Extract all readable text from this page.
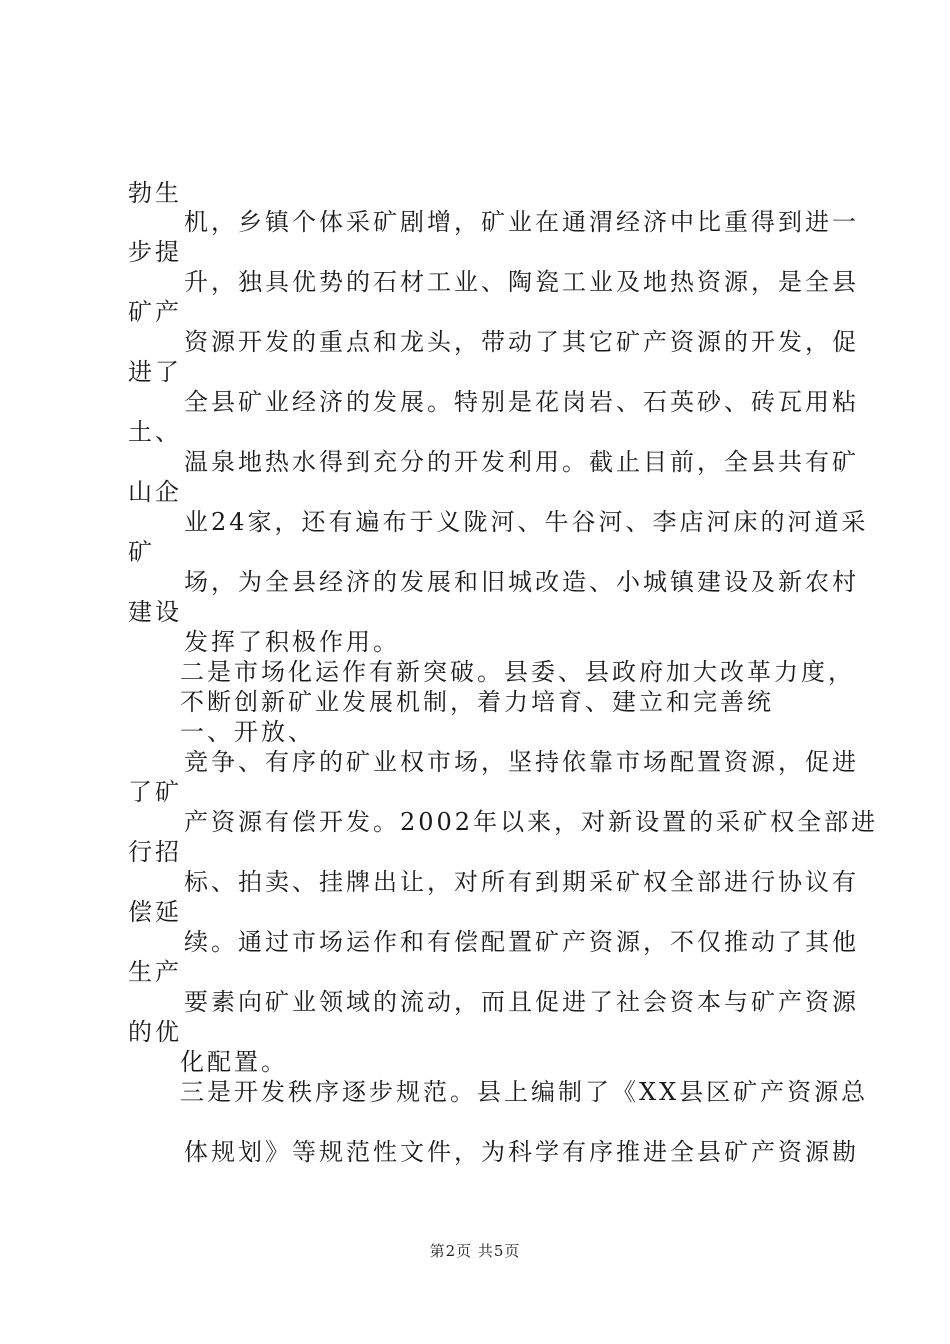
勃生
机，乡镇个体采矿剧增，矿业在通渭经济中比重得到进一
步提
升，独具优势的石材工业、陶瓷工业及地热资源，是全县
矿产
资源开发的重点和龙头，带动了其它矿产资源的开发，促
进了
全县矿业经济的发展。特别是花岗岩、石英砂、砖瓦用粘
土、
温泉地热水得到充分的开发利用。截止目前，全县共有矿
山企
业24家，还有遍布于义陇河、牛谷河、李店河床的河道采
矿
场，为全县经济的发展和旧城改造、小城镇建设及新农村
建设
发挥了积极作用。
二是市场化运作有新突破。县委、县政府加大改革力度，
不断创新矿业发展机制，着力培育、建立和完善统
一、开放、
竞争、有序的矿业权市场，坚持依靠市场配置资源，促进
了矿
产资源有偿开发。2002年以来，对新设置的采矿权全部进
行招
标、拍卖、挂牌出让，对所有到期采矿权全部进行协议有
偿延
续。通过市场运作和有偿配置矿产资源，不仅推动了其他
生产
要素向矿业领域的流动，而且促进了社会资本与矿产资源
的优
化配置。
三是开发秩序逐步规范。县上编制了《XX县区矿产资源总
体规划》等规范性文件，为科学有序推进全县矿产资源勘
第2页 共5页
